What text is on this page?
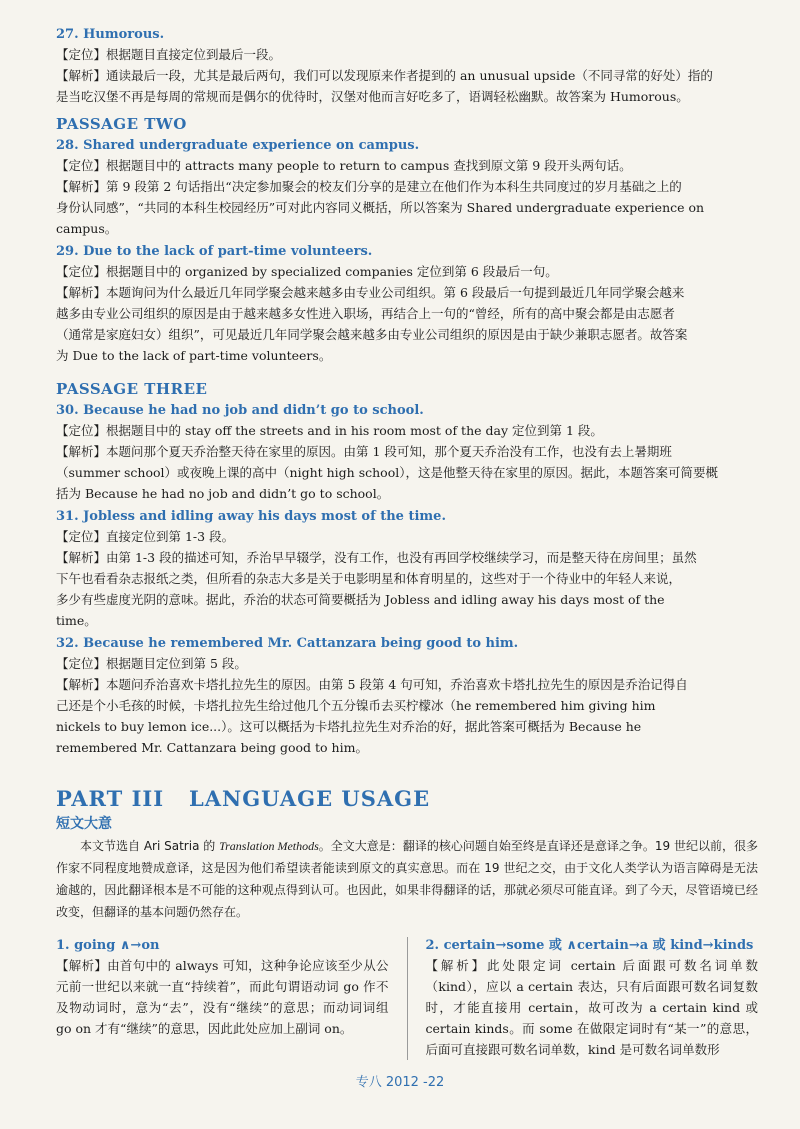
27. Humorous.
【定位】根据题目直接定位到最后一段。
【解析】通读最后一段，尤其是最后两句，我们可以发现原来作者提到的 an unusual upside（不同寻常的好处）指的
是当吃汉堡不再是每周的常规而是偶尔的优待时，汉堡对他而言好吃多了，语调轻松幽默。故答案为 Humorous。
PASSAGE TWO
28. Shared undergraduate experience on campus.
【定位】根据题目中的 attracts many people to return to campus 查找到原文第 9 段开头两句话。
【解析】第 9 段第 2 句话指出“决定参加聚会的校友们分享的是建立在他们作为本科生共同度过的岁月基础之上的
身份认同感”，“共同的本科生校园经历”可对此内容同义概括，所以答案为 Shared undergraduate experience on
campus。
29. Due to the lack of part-time volunteers.
【定位】根据题目中的 organized by specialized companies 定位到第 6 段最后一句。
【解析】本题询问为什么最近几年同学聚会越来越多由专业公司组织。第 6 段最后一句提到最近几年同学聚会越来
越多由专业公司组织的原因是由于越来越多女性进入职场，再结合上一句的“曾经，所有的高中聚会都是由志愿者
（通常是家庭妇女）组织”，可见最近几年同学聚会越来越多由专业公司组织的原因是由于缺少兼职志愿者。故答案
为 Due to the lack of part-time volunteers。
PASSAGE THREE
30. Because he had no job and didn’t go to school.
【定位】根据题目中的 stay off the streets and in his room most of the day 定位到第 1 段。
【解析】本题问那个夏天乔治整天待在家里的原因。由第 1 段可知，那个夏天乔治没有工作，也没有去上暑期班
（summer school）或夜晚上课的高中（night high school），这是他整天待在家里的原因。据此，本题答案可简要概
括为 Because he had no job and didn’t go to school。
31. Jobless and idling away his days most of the time.
【定位】直接定位到第 1-3 段。
【解析】由第 1-3 段的描述可知，乔治早早辍学，没有工作，也没有再回学校继续学习，而是整天待在房间里；虽然
下午也看看杂志报纸之类，但所看的杂志大多是关于电影明星和体育明星的，这些对于一个待业中的年轻人来说，
多少有些虚度光阴的意味。据此，乔治的状态可简要概括为 Jobless and idling away his days most of the
time。
32. Because he remembered Mr. Cattanzara being good to him.
【定位】根据题目定位到第 5 段。
【解析】本题问乔治喜欢卡塔扎拉先生的原因。由第 5 段第 4 句可知，乔治喜欢卡塔扎拉先生的原因是乔治记得自
己还是个小毛孩的时候，卡塔扎拉先生给过他几个五分镍币去买柠檬冰（he remembered him giving him
nickels to buy lemon ice...）。这可以概括为卡塔扎拉先生对乔治的好，据此答案可概括为 Because he
remembered Mr. Cattanzara being good to him。
PART III   LANGUAGE USAGE
短文大意
本文节选自 Ari Satria 的 Translation Methods。全文大意是：翻译的核心问题自始至终是直译还是意译之争。19 世纪以前，很多作家不同程度地赞成意译，这是因为他们希望读者能读到原文的真实意思。而在 19 世纪之交，由于文化人类学认为语言障碍是无法逾越的，因此翻译根本是不可能的这种观点得到认可。也因此，如果非得翻译的话，那就必须尽可能直译。到了今天，尽管语境已经改变，但翻译的基本问题仍然存在。
1. going ∧→on
【解析】由首句中的 always 可知，这种争论应该至少从公元前一世纪以来就一直“持续着”，而此句谓语动词 go 作不及物动词时，意为“去”，没有“继续”的意思；而动词词组 go on 才有“继续”的意思，因此此处应加上副词 on。
2. certain→some 或 ∧certain→a 或 kind→kinds
【解析】此处限定词 certain 后面跟可数名词单数（kind），应以 a certain 表达，只有后面跟可数名词复数时，才能直接用 certain，故可改为 a certain kind 或 certain kinds。而 some 在做限定词时有“某一”的意思，后面可直接跟可数名词单数，kind 是可数名词单数形
专八 2012 -22
